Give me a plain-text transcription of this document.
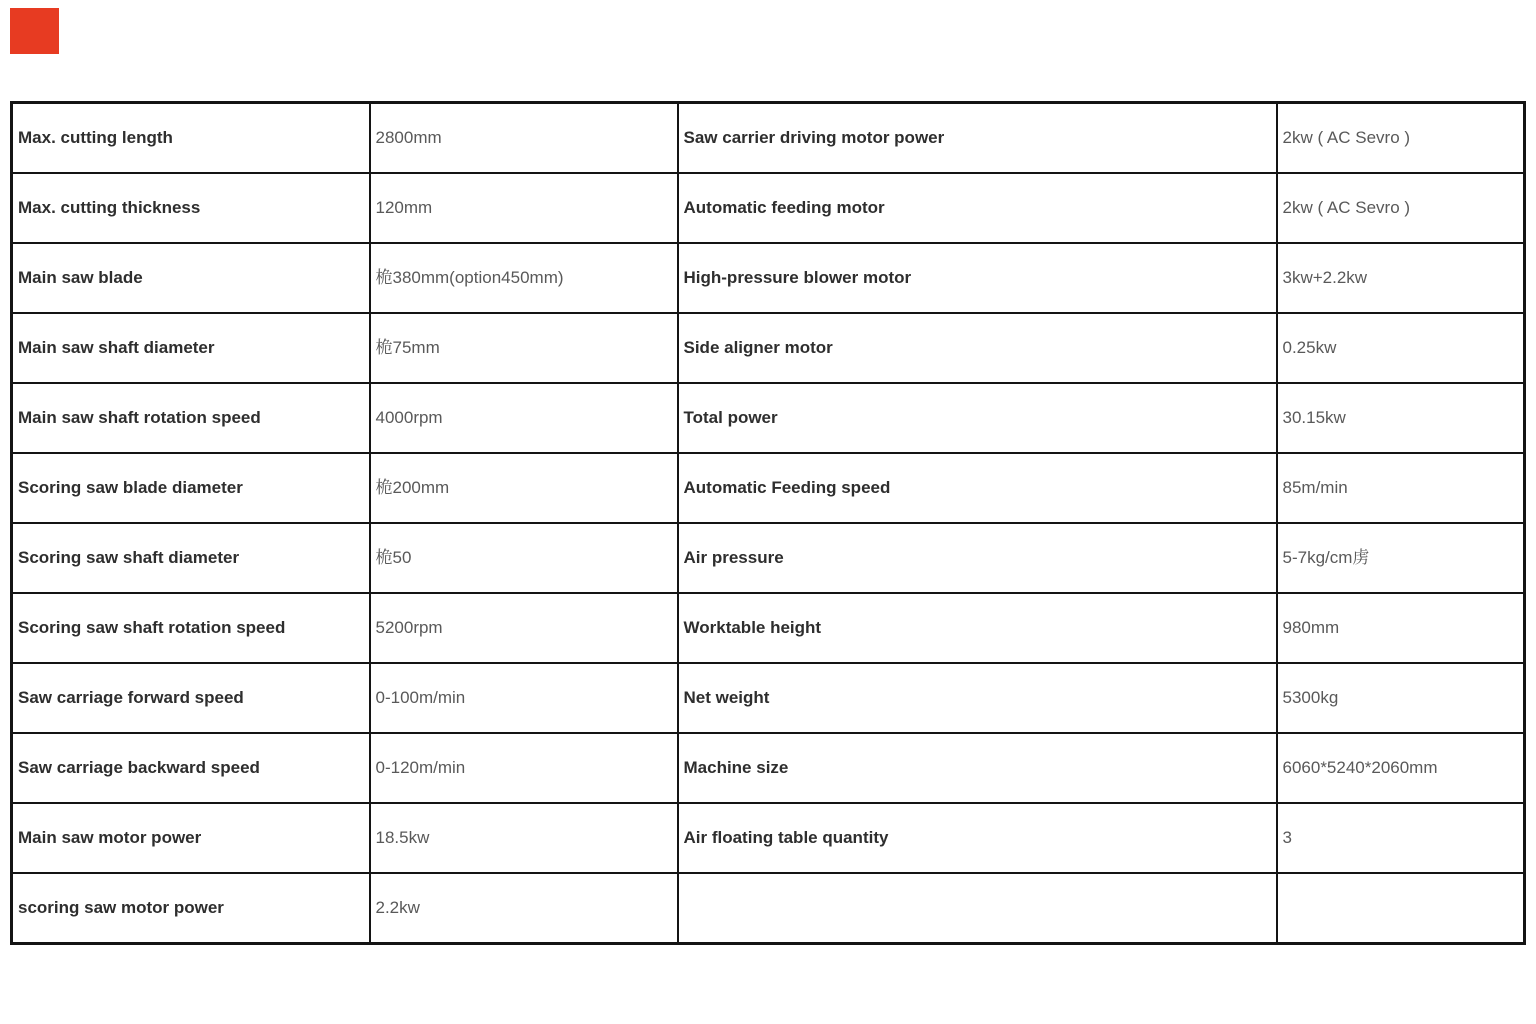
Max. cutting length	2800mm	Saw carrier driving motor power	2kw ( AC Sevro )
Max. cutting thickness	120mm	Automatic feeding motor	2kw ( AC Sevro )
Main saw blade	桅380mm(option450mm)	High-pressure blower motor	3kw+2.2kw
Main saw shaft diameter	桅75mm	Side aligner motor	0.25kw
Main saw shaft rotation speed	4000rpm	Total power	30.15kw
Scoring saw blade diameter	桅200mm	Automatic Feeding speed	85m/min
Scoring saw shaft diameter	桅50	Air pressure	5-7kg/cm虏
Scoring saw shaft rotation speed	5200rpm	Worktable height	980mm
Saw carriage forward speed	0-100m/min	Net weight	5300kg
Saw carriage backward speed	0-120m/min	Machine size	6060*5240*2060mm
Main saw motor power	18.5kw	Air floating table quantity	3
scoring saw motor power	2.2kw		
